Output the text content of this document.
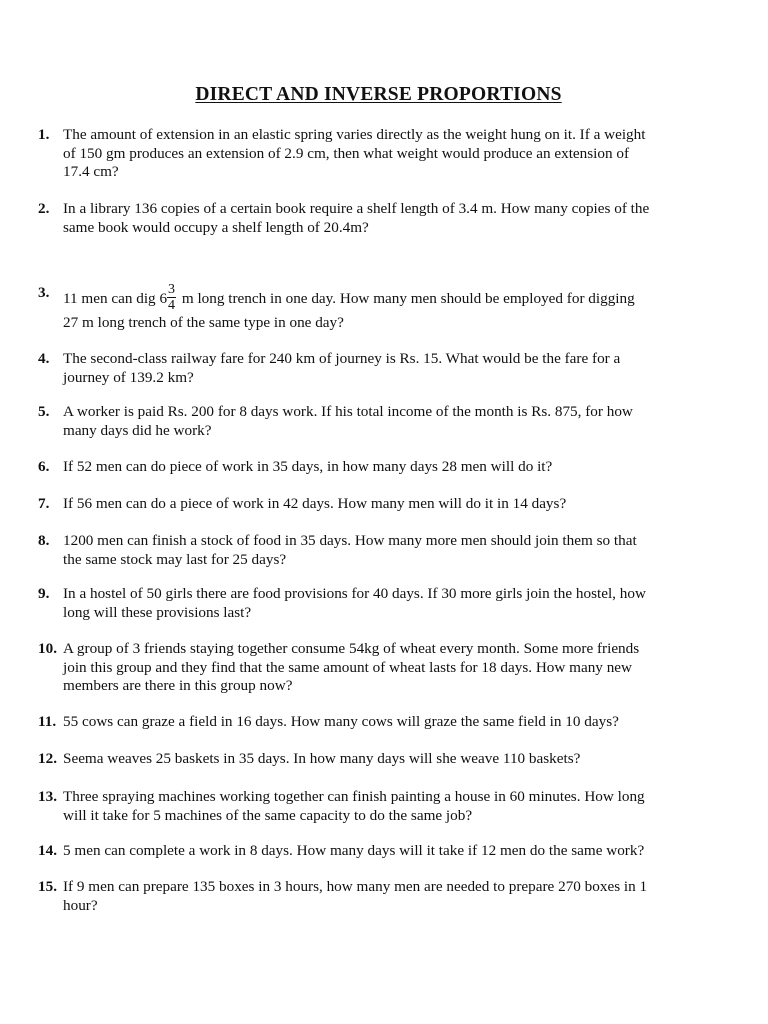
DIRECT AND INVERSE PROPORTIONS
1. The amount of extension in an elastic spring varies directly as the weight hung on it. If a weight
of 150 gm produces an extension of 2.9 cm, then what weight would produce an extension of
17.4 cm?
2. In a library 136 copies of a certain book require a shelf length of 3.4 m. How many copies of the
same book would occupy a shelf length of 20.4m?
3. 11 men can dig $6 \frac{3}{4}$ m long trench in one day. How many men should be employed for digging
27 m long trench of the same type in one day?
4. The second-class railway fare for 240 km of journey is Rs. 15. What would be the fare for a
journey of 139.2 km?
5. A worker is paid Rs. 200 for 8 days work. If his total income of the month is Rs. 875, for how
many days did he work?
6. If 52 men can do piece of work in 35 days, in how many days 28 men will do it?
7. If 56 men can do a piece of work in 42 days. How many men will do it in 14 days?
8. 1200 men can finish a stock of food in 35 days. How many more men should join them so that
the same stock may last for 25 days?
9. In a hostel of 50 girls there are food provisions for 40 days. If 30 more girls join the hostel, how
long will these provisions last?
10. A group of 3 friends staying together consume 54kg of wheat every month. Some more friends
join this group and they find that the same amount of wheat lasts for 18 days. How many new
members are there in this group now?
11. 55 cows can graze a field in 16 days. How many cows will graze the same field in 10 days?
12. Seema weaves 25 baskets in 35 days. In how many days will she weave 110 baskets?
13. Three spraying machines working together can finish painting a house in 60 minutes. How long
will it take for 5 machines of the same capacity to do the same job?
14. 5 men can complete a work in 8 days. How many days will it take if 12 men do the same work?
15. If 9 men can prepare 135 boxes in 3 hours, how many men are needed to prepare 270 boxes in 1
hour?
